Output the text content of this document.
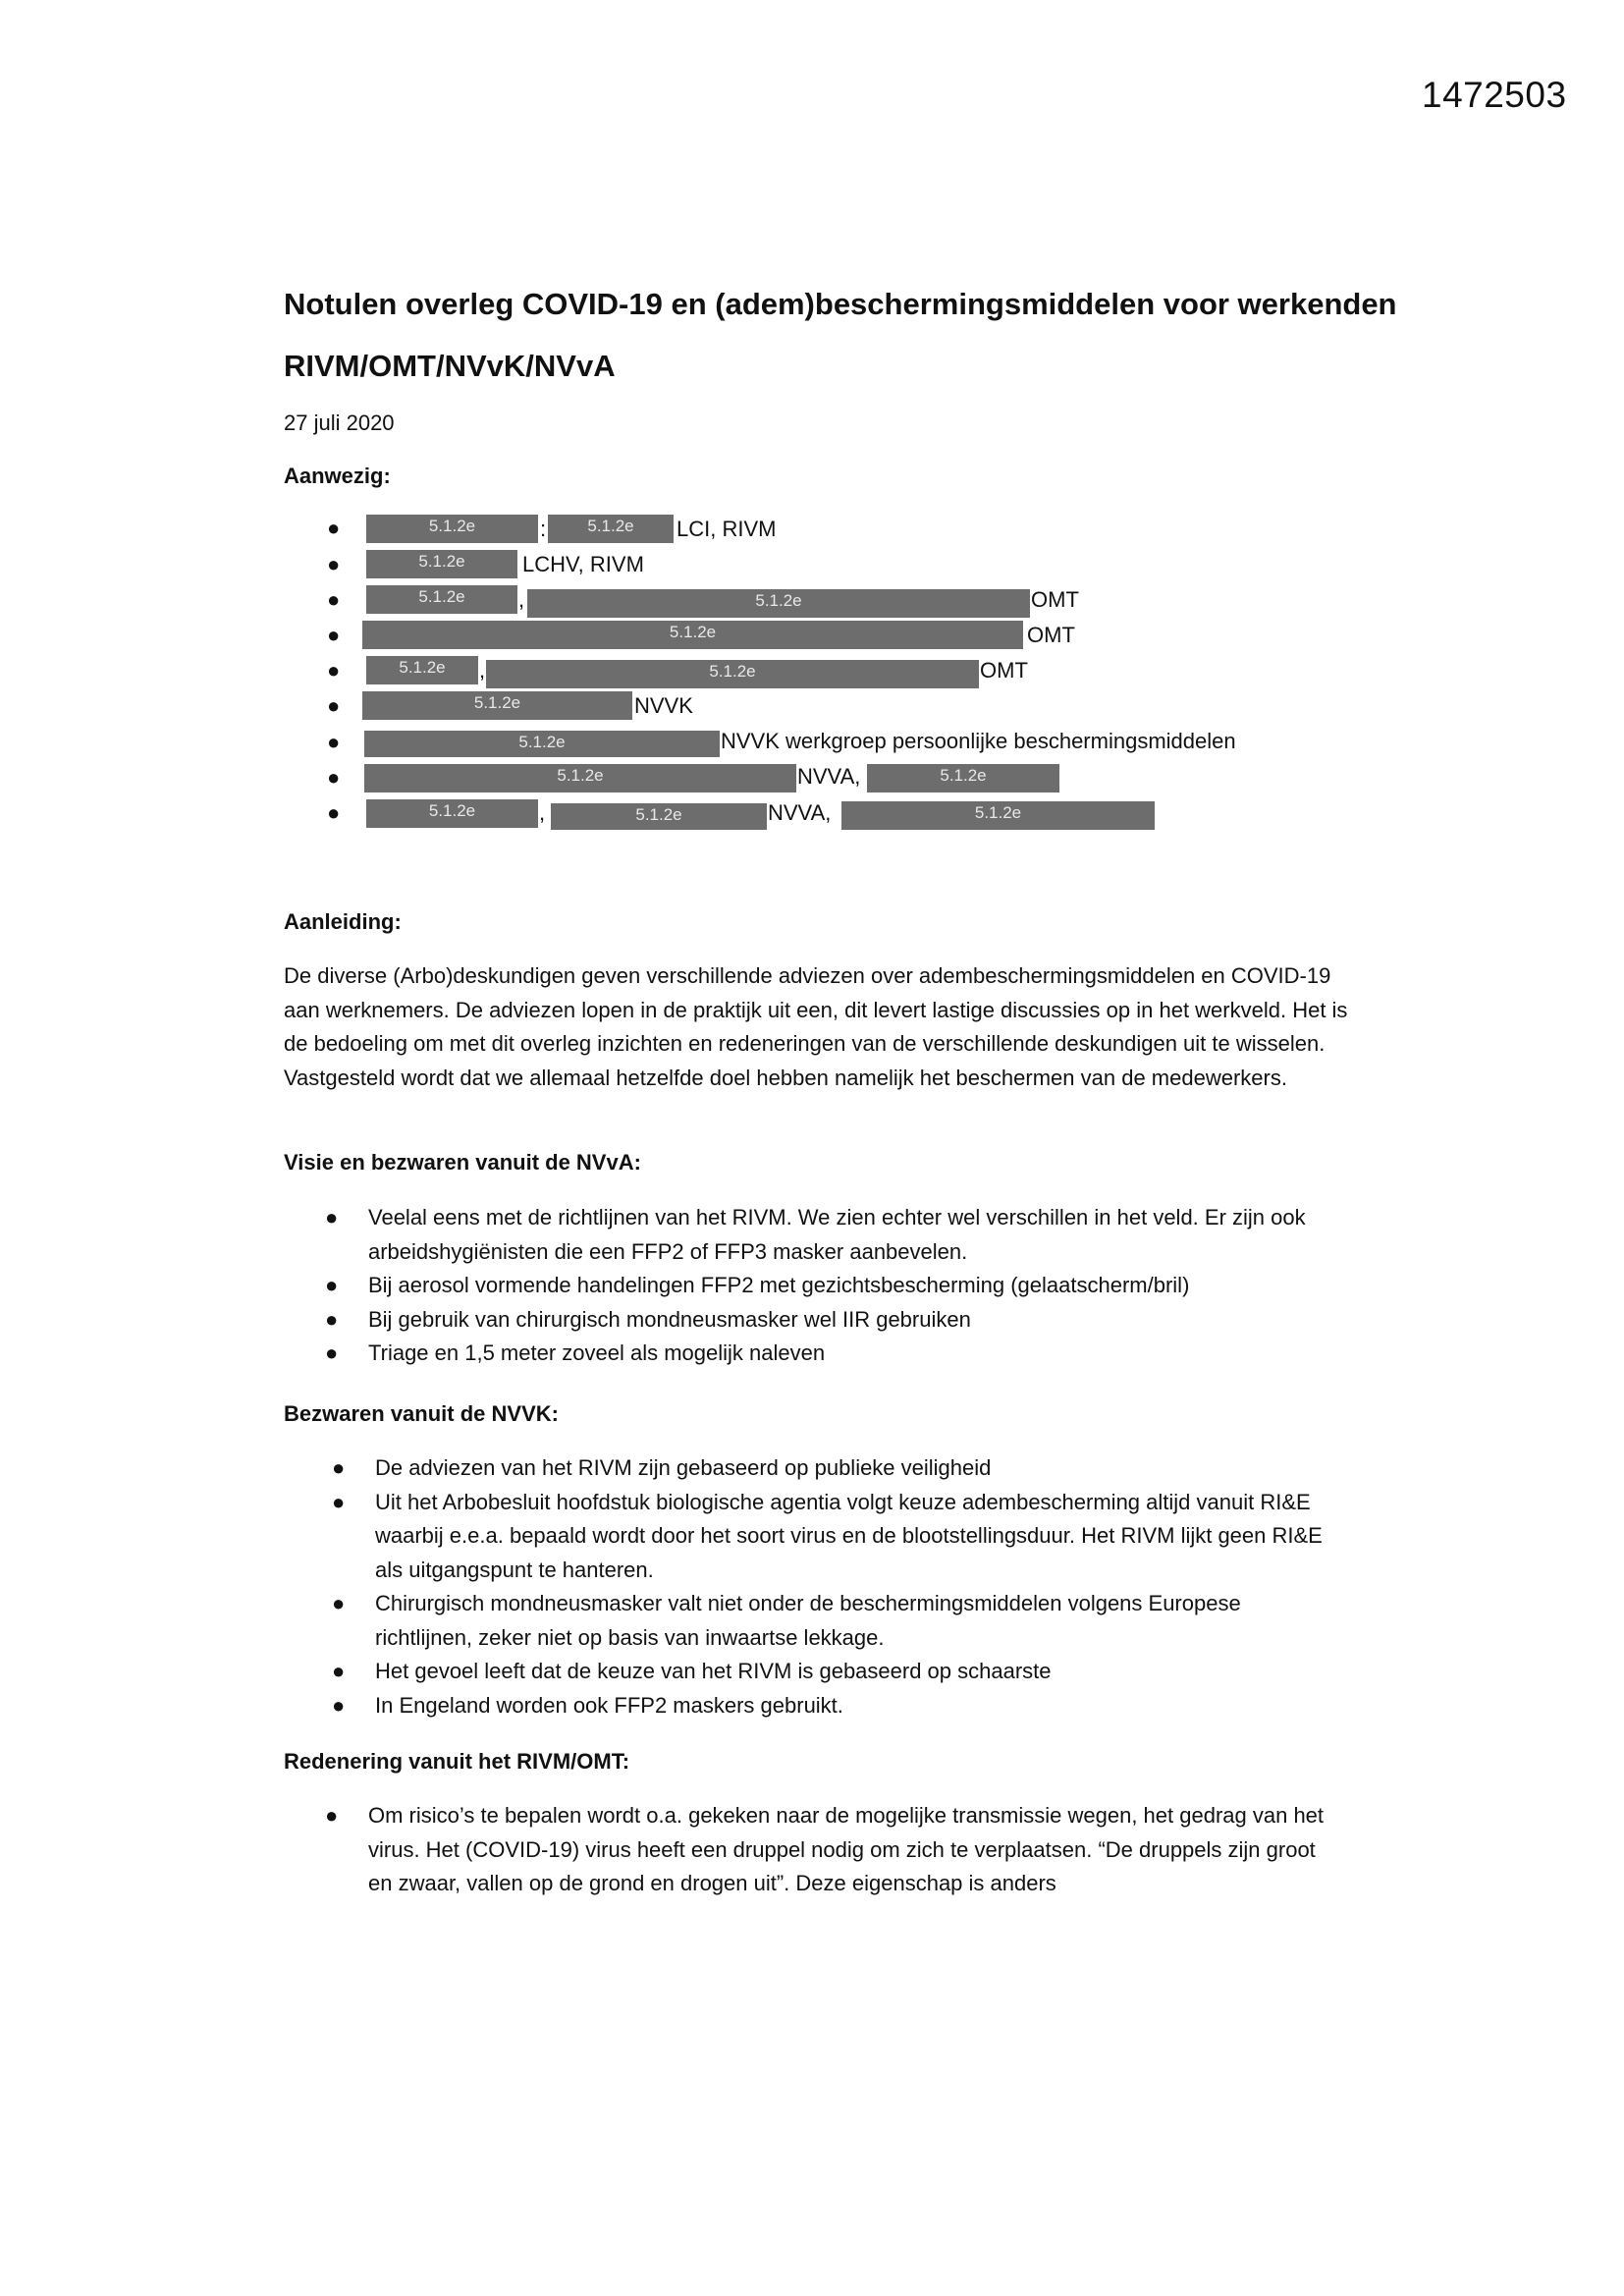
1472503
Notulen overleg COVID-19 en (adem)beschermingsmiddelen voor werkenden
RIVM/OMT/NVvK/NVvA
27 juli 2020
Aanwezig:
●	5.1.2e	:	5.1.2e	LCI, RIVM
●	5.1.2e	LCHV, RIVM
●	5.1.2e	,	5.1.2e	OMT
●	5.1.2e	OMT
●	5.1.2e	,	5.1.2e	OMT
●	5.1.2e	NVVK
●	5.1.2e	NVVK werkgroep persoonlijke beschermingsmiddelen
●	5.1.2e	NVVA,	5.1.2e
●	5.1.2e	,	5.1.2e	NVVA,	5.1.2e
Aanleiding:
De diverse (Arbo)deskundigen geven verschillende adviezen over adembeschermingsmiddelen en COVID-19 aan werknemers. De adviezen lopen in de praktijk uit een, dit levert lastige discussies op in het werkveld. Het is de bedoeling om met dit overleg inzichten en redeneringen van de verschillende deskundigen uit te wisselen. Vastgesteld wordt dat we allemaal hetzelfde doel hebben namelijk het beschermen van de medewerkers.
Visie en bezwaren vanuit de NVvA:
● Veelal eens met de richtlijnen van het RIVM. We zien echter wel verschillen in het veld. Er zijn ook arbeidshygiënisten die een FFP2 of FFP3 masker aanbevelen.
● Bij aerosol vormende handelingen FFP2 met gezichtsbescherming (gelaatscherm/bril)
● Bij gebruik van chirurgisch mondneusmasker wel IIR gebruiken
● Triage en 1,5 meter zoveel als mogelijk naleven
Bezwaren vanuit de NVVK:
● De adviezen van het RIVM zijn gebaseerd op publieke veiligheid
● Uit het Arbobesluit hoofdstuk biologische agentia volgt keuze adembescherming altijd vanuit RI&E waarbij e.e.a. bepaald wordt door het soort virus en de blootstellingsduur. Het RIVM lijkt geen RI&E als uitgangspunt te hanteren.
● Chirurgisch mondneusmasker valt niet onder de beschermingsmiddelen volgens Europese richtlijnen, zeker niet op basis van inwaartse lekkage.
● Het gevoel leeft dat de keuze van het RIVM is gebaseerd op schaarste
● In Engeland worden ook FFP2 maskers gebruikt.
Redenering vanuit het RIVM/OMT:
● Om risico’s te bepalen wordt o.a. gekeken naar de mogelijke transmissie wegen, het gedrag van het virus. Het (COVID-19) virus heeft een druppel nodig om zich te verplaatsen. “De druppels zijn groot en zwaar, vallen op de grond en drogen uit”. Deze eigenschap is anders
